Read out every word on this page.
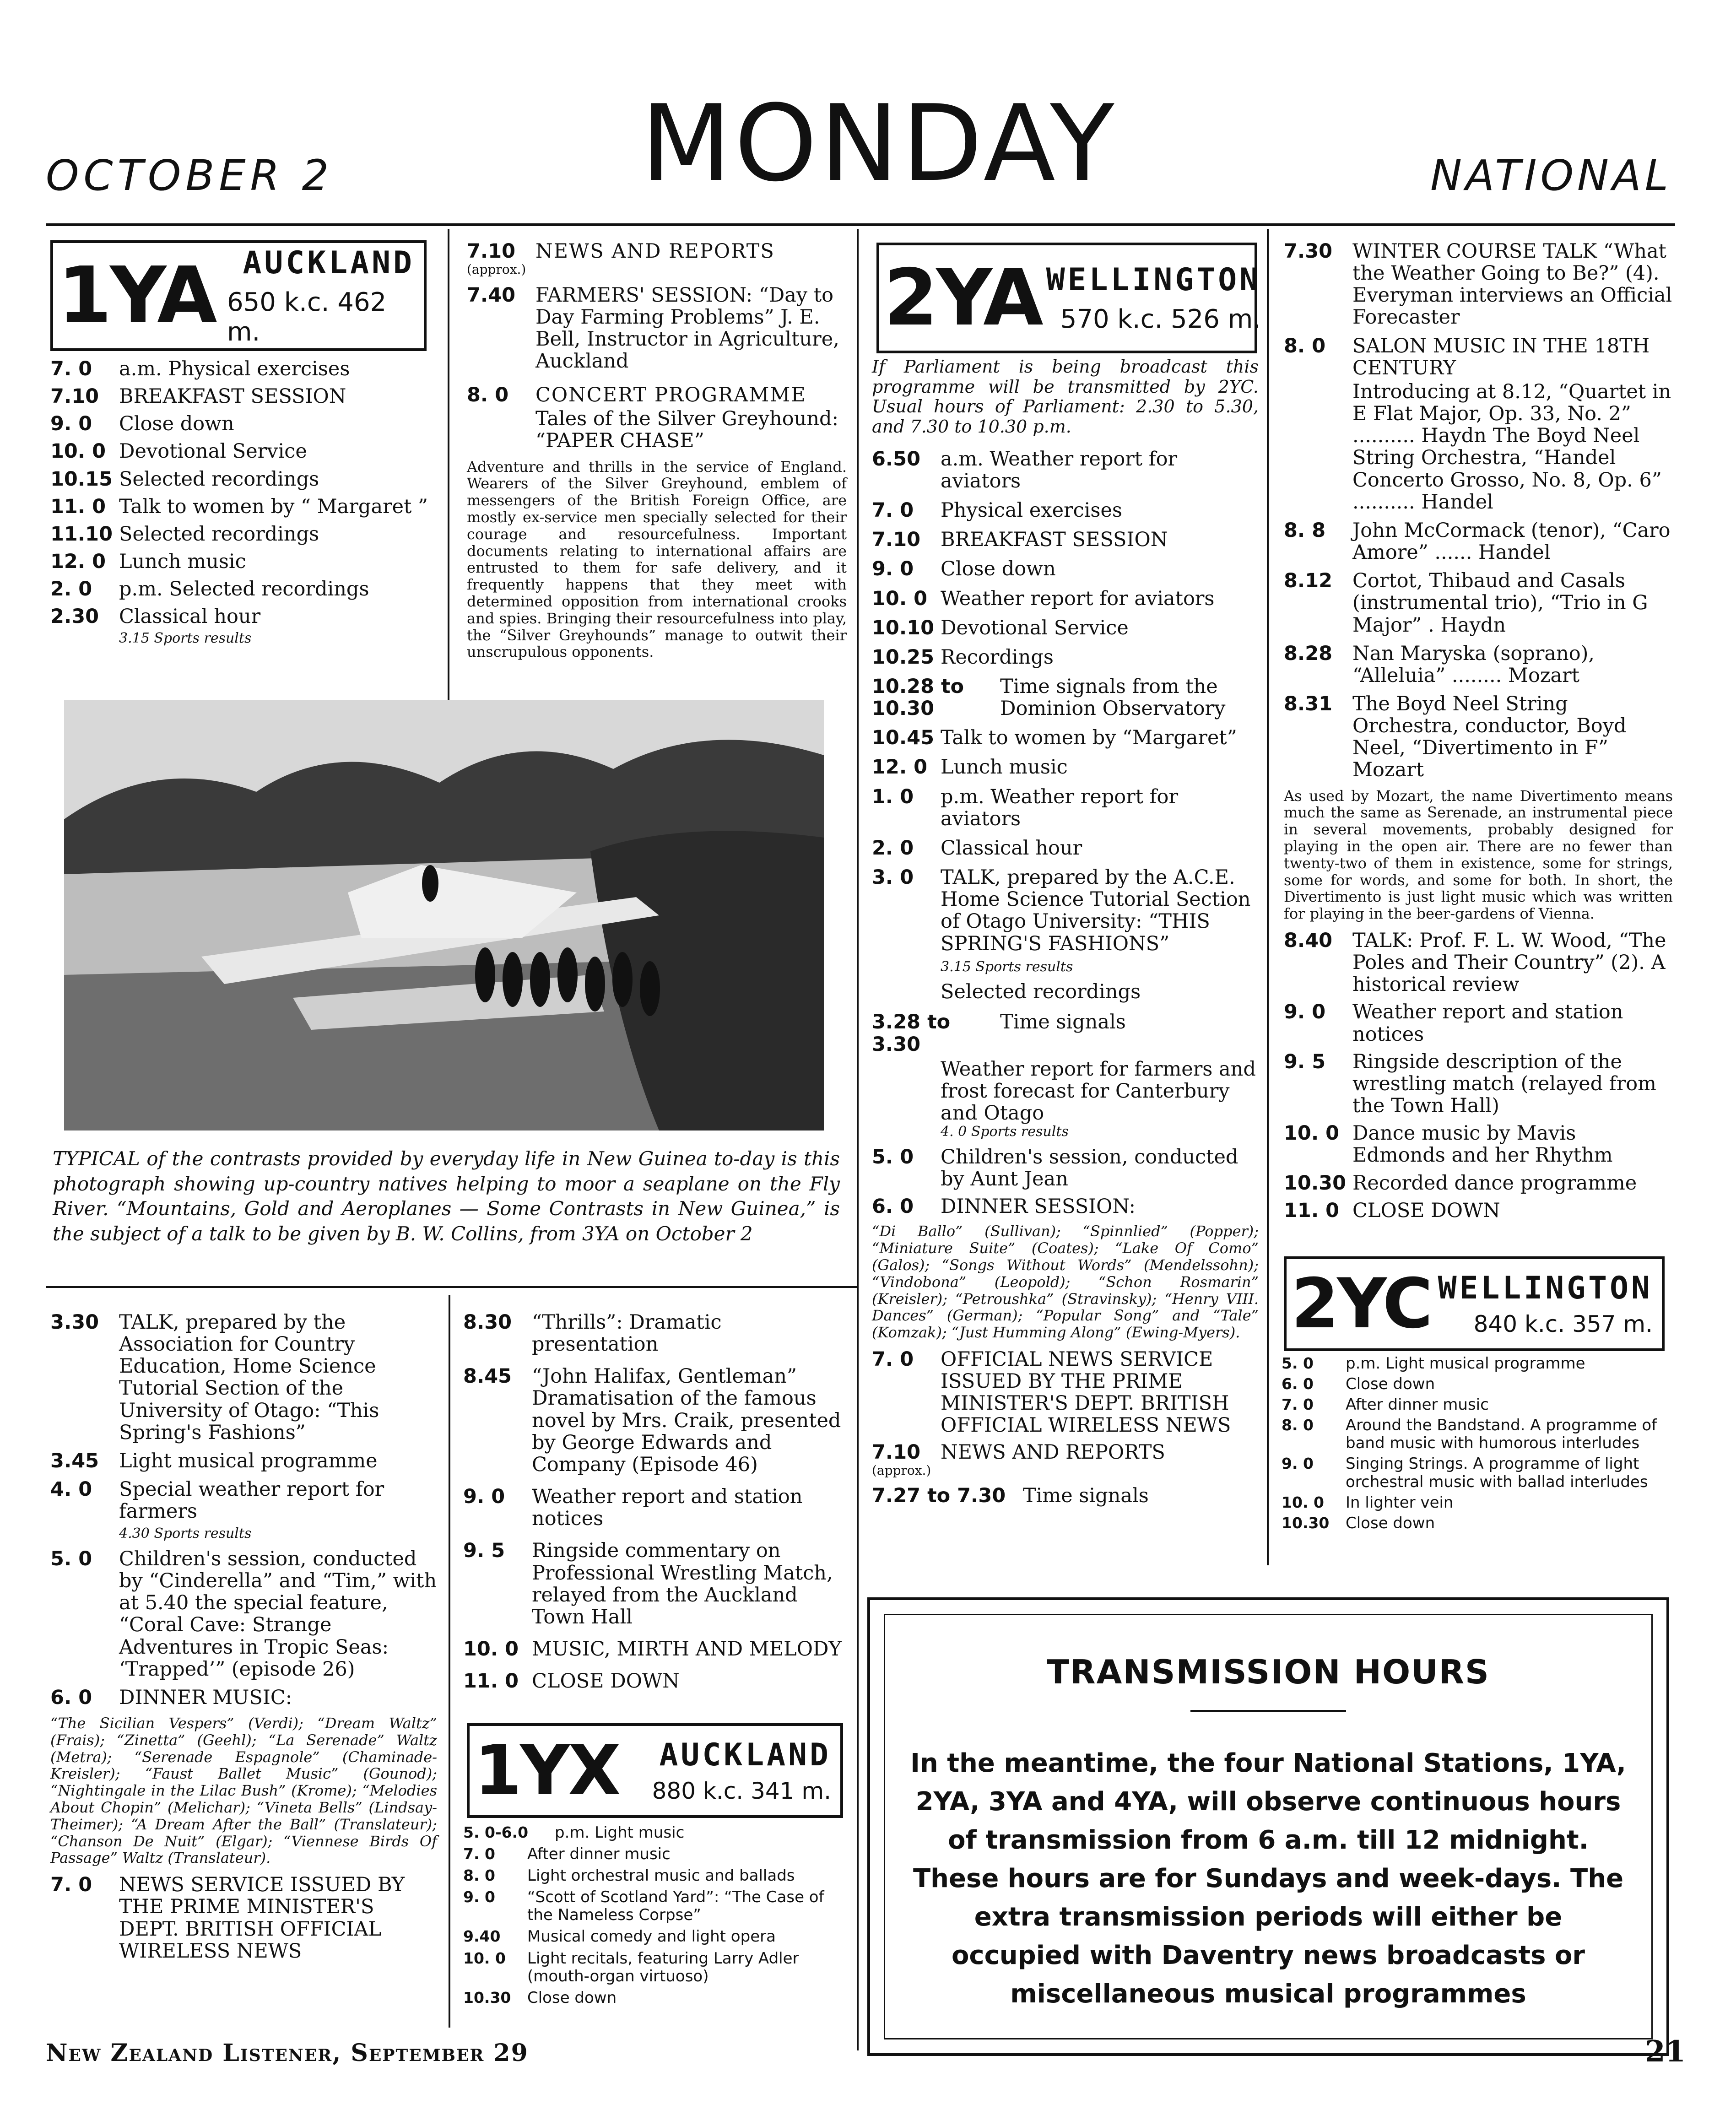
OCTOBER 2	MONDAY	NATIONAL
1YA AUCKLAND
650 k.c. 462 m.
7. 0	a.m. Physical exercises
7.10	BREAKFAST SESSION
9. 0	Close down
10. 0 Devotional Service
10.15 Selected recordings
11. 0 Talk to women by “ Margaret ”
11.10 Selected recordings
12. 0 Lunch music
2. 0	p.m. Selected recordings
2.30	Classical hour
3.15 Sports results
7.10	NEWS AND REPORTS
(approx.)
7.40	FARMERS' SESSION: “Day to Day Farming Problems” J. E. Bell, Instructor in Agriculture, Auckland
8. 0	CONCERT PROGRAMME
Tales of the Silver Greyhound: “PAPER CHASE”
Adventure and thrills in the service of England. Wearers of the Silver Greyhound, emblem of messengers of the British Foreign Office, are mostly ex-service men specially selected for their courage and resourcefulness. Important documents relating to international affairs are entrusted to them for safe delivery, and it frequently happens that they meet with determined opposition from international crooks and spies. Bringing their resourcefulness into play, the “Silver Greyhounds” manage to outwit their unscrupulous opponents.
TYPICAL of the contrasts provided by everyday life in New Guinea to-day is this photograph showing up-country natives helping to moor a seaplane on the Fly River. “Mountains, Gold and Aeroplanes — Some Contrasts in New Guinea,” is the subject of a talk to be given by B. W. Collins, from 3YA on October 2
3.30	TALK, prepared by the Association for Country Education, Home Science Tutorial Section of the University of Otago: “This Spring's Fashions”
3.45	Light musical programme
4. 0	Special weather report for farmers
4.30 Sports results
5. 0	Children's session, conducted by “Cinderella” and “Tim,” with at 5.40 the special feature, “Coral Cave: Strange Adventures in Tropic Seas: ‘Trapped’” (episode 26)
6. 0	DINNER MUSIC:
“The Sicilian Vespers” (Verdi); “Dream Waltz” (Frais); “Zinetta” (Geehl); “La Serenade” Waltz (Metra); “Serenade Espagnole” (Chaminade-Kreisler); “Faust Ballet Music” (Gounod); “Nightingale in the Lilac Bush” (Krome); “Melodies About Chopin” (Melichar); “Vineta Bells” (Lindsay-Theimer); “A Dream After the Ball” (Translateur); “Chanson De Nuit” (Elgar); “Viennese Birds Of Passage” Waltz (Translateur).
7. 0	NEWS SERVICE ISSUED BY THE PRIME MINISTER'S DEPT. BRITISH OFFICIAL WIRELESS NEWS
8.30	“Thrills”: Dramatic presentation
8.45	“John Halifax, Gentleman” Dramatisation of the famous novel by Mrs. Craik, presented by George Edwards and Company (Episode 46)
9. 0	Weather report and station notices
9. 5	Ringside commentary on Professional Wrestling Match, relayed from the Auckland Town Hall
10. 0 MUSIC, MIRTH AND MELODY
11. 0 CLOSE DOWN
1YX	AUCKLAND
880 k.c. 341 m.
5. 0-6.0	p.m. Light music
7. 0	After dinner music
8. 0	Light orchestral music and ballads
9. 0	“Scott of Scotland Yard”: “The Case of the Nameless Corpse”
9.40	Musical comedy and light opera
10. 0	Light recitals, featuring Larry Adler (mouth-organ virtuoso)
10.30	Close down
2YA WELLINGTON
570 k.c. 526 m.
If Parliament is being broadcast this programme will be transmitted by 2YC. Usual hours of Parliament: 2.30 to 5.30, and 7.30 to 10.30 p.m.
6.50	a.m. Weather report for aviators
7. 0	Physical exercises
7.10	BREAKFAST SESSION
9. 0	Close down
10. 0 Weather report for aviators
10.10 Devotional Service
10.25 Recordings
10.28 to 10.30
Time signals from the Dominion Observatory
10.45 Talk to women by “Margaret”
12. 0 Lunch music
1. 0	p.m. Weather report for aviators
2. 0	Classical hour
3. 0	TALK, prepared by the A.C.E. Home Science Tutorial Section of Otago University: “THIS SPRING'S FASHIONS”
3.15 Sports results
Selected recordings
3.28 to 3.30
Time signals
Weather report for farmers and frost forecast for Canterbury and Otago
4. 0 Sports results
5. 0	Children's session, conducted by Aunt Jean
6. 0	DINNER SESSION:
“Di Ballo” (Sullivan); “Spinnlied” (Popper); “Miniature Suite” (Coates); “Lake Of Como” (Galos); “Songs Without Words” (Mendelssohn); “Vindobona” (Leopold); “Schon Rosmarin” (Kreisler); “Petroushka” (Stravinsky); “Henry VIII. Dances” (German); “Popular Song” and “Tale” (Komzak); “Just Humming Along” (Ewing-Myers).
7. 0	OFFICIAL NEWS SERVICE ISSUED BY THE PRIME MINISTER'S DEPT. BRITISH OFFICIAL WIRELESS NEWS
7.10	NEWS AND REPORTS
(approx.)
7.27 to 7.30 Time signals
7.30	WINTER COURSE TALK “What the Weather Going to Be?” (4). Everyman interviews an Official Forecaster
8. 0	SALON MUSIC IN THE 18TH CENTURY
Introducing at 8.12, “Quartet in E Flat Major, Op. 33, No. 2” .......... Haydn The Boyd Neel String Orchestra, “Handel Concerto Grosso, No. 8, Op. 6” .......... Handel
8. 8	John McCormack (tenor), “Caro Amore” ...... Handel
8.12	Cortot, Thibaud and Casals (instrumental trio), “Trio in G Major” . Haydn
8.28	Nan Maryska (soprano), “Alleluia” ........ Mozart
8.31	The Boyd Neel String Orchestra, conductor, Boyd Neel, “Divertimento in F” Mozart
As used by Mozart, the name Divertimento means much the same as Serenade, an instrumental piece in several movements, probably designed for playing in the open air. There are no fewer than twenty-two of them in existence, some for strings, some for words, and some for both. In short, the Divertimento is just light music which was written for playing in the beer-gardens of Vienna.
8.40	TALK: Prof. F. L. W. Wood, “The Poles and Their Country” (2). A historical review
9. 0	Weather report and station notices
9. 5	Ringside description of the wrestling match (relayed from the Town Hall)
10. 0 Dance music by Mavis Edmonds and her Rhythm
10.30 Recorded dance programme
11. 0 CLOSE DOWN
2YC WELLINGTON
840 k.c. 357 m.
5. 0	p.m. Light musical programme
6. 0	Close down
7. 0	After dinner music
8. 0	Around the Bandstand. A programme of band music with humorous interludes
9. 0	Singing Strings. A programme of light orchestral music with ballad interludes
10. 0	In lighter vein
10.30	Close down
TRANSMISSION HOURS
In the meantime, the four National Stations, 1YA, 2YA, 3YA and 4YA, will observe continuous hours of transmission from 6 a.m. till 12 midnight. These hours are for Sundays and week-days. The extra transmission periods will either be occupied with Daventry news broadcasts or miscellaneous musical programmes
New Zealand Listener, September 29	21
